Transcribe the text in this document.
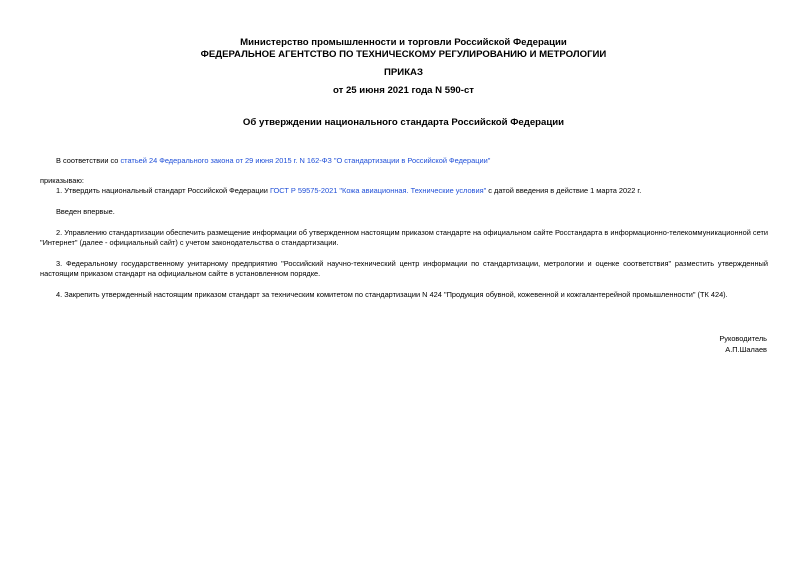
Министерство промышленности и торговли Российской Федерации
ФЕДЕРАЛЬНОЕ АГЕНТСТВО ПО ТЕХНИЧЕСКОМУ РЕГУЛИРОВАНИЮ И МЕТРОЛОГИИ
ПРИКАЗ
от 25 июня 2021 года N 590-ст
Об утверждении национального стандарта Российской Федерации
В соответствии со статьей 24 Федерального закона от 29 июня 2015 г. N 162-ФЗ "О стандартизации в Российской Федерации"
приказываю:
1. Утвердить национальный стандарт Российской Федерации ГОСТ Р 59575-2021 "Кожа авиационная. Технические условия" с датой введения в действие 1 марта 2022 г.
Введен впервые.
2. Управлению стандартизации обеспечить размещение информации об утвержденном настоящим приказом стандарте на официальном сайте Росстандарта в информационно-телекоммуникационной сети "Интернет" (далее - официальный сайт) с учетом законодательства о стандартизации.
3. Федеральному государственному унитарному предприятию "Российский научно-технический центр информации по стандартизации, метрологии и оценке соответствия" разместить утвержденный настоящим приказом стандарт на официальном сайте в установленном порядке.
4. Закрепить утвержденный настоящим приказом стандарт за техническим комитетом по стандартизации N 424 "Продукция обувной, кожевенной и кожгалантерейной промышленности" (ТК 424).
Руководитель
А.П.Шалаев
